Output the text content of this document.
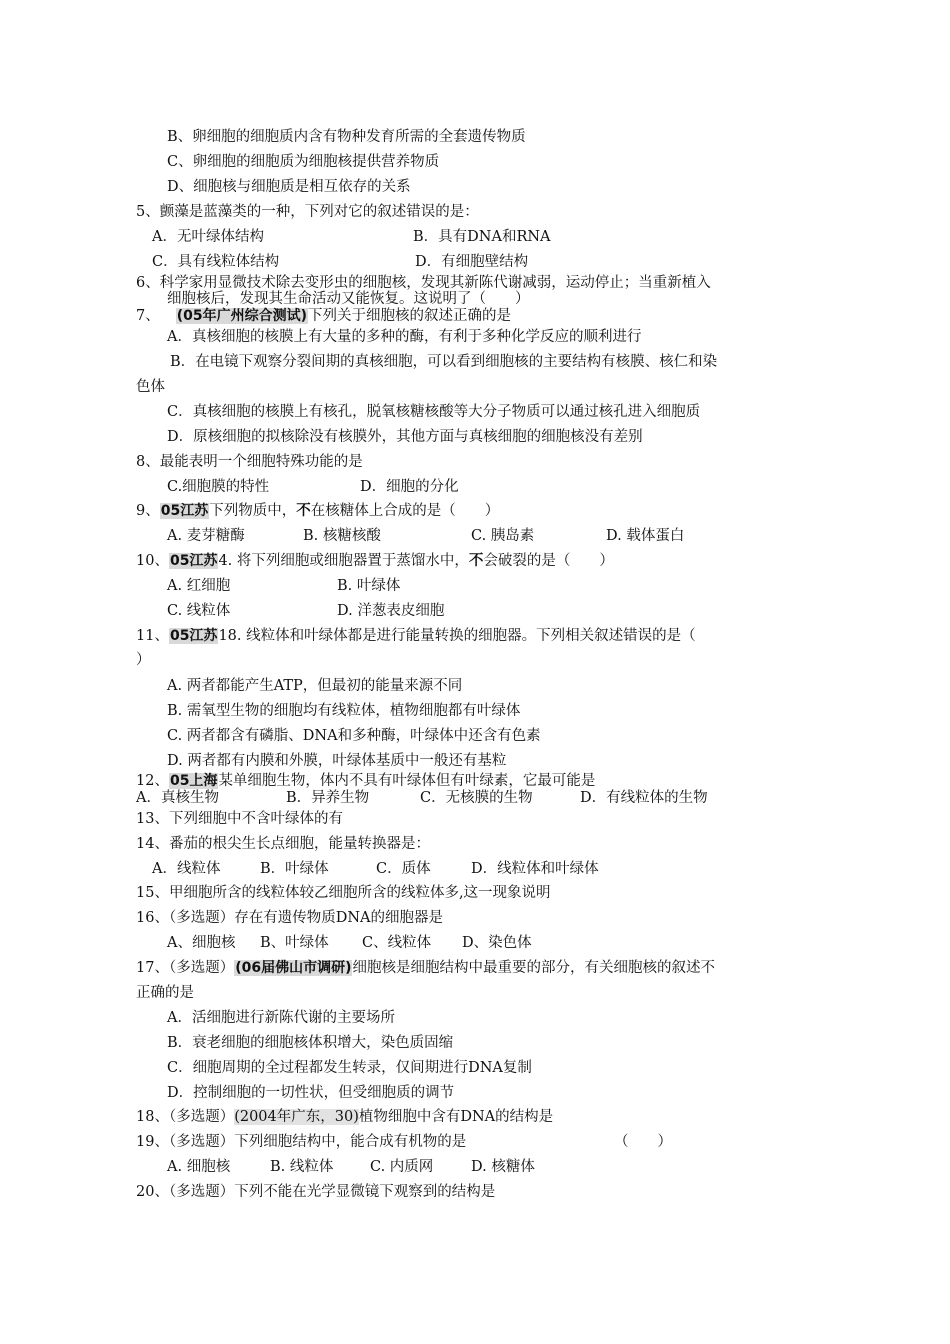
B、卵细胞的细胞质内含有物种发育所需的全套遗传物质
C、卵细胞的细胞质为细胞核提供营养物质
D、细胞核与细胞质是相互依存的关系
5、颤藻是蓝藻类的一种，下列对它的叙述错误的是：
A．无叶绿体结构	B．具有DNA和RNA
C．具有线粒体结构	D．有细胞壁结构
6、科学家用显微技术除去变形虫的细胞核，发现其新陈代谢减弱，运动停止；当重新植入
细胞核后，发现其生命活动又能恢复。这说明了（　　）
7、 (05年广州综合测试)下列关于细胞核的叙述正确的是
A．真核细胞的核膜上有大量的多种的酶，有利于多种化学反应的顺利进行
B．在电镜下观察分裂间期的真核细胞，可以看到细胞核的主要结构有核膜、核仁和染
色体
C．真核细胞的核膜上有核孔，脱氧核糖核酸等大分子物质可以通过核孔进入细胞质
D．原核细胞的拟核除没有核膜外，其他方面与真核细胞的细胞核没有差别
8、最能表明一个细胞特殊功能的是
C.细胞膜的特性	D．细胞的分化
9、05江苏下列物质中，不在核糖体上合成的是（　　）
A. 麦芽糖酶	B. 核糖核酸	C. 胰岛素	D. 载体蛋白
10、05江苏4. 将下列细胞或细胞器置于蒸馏水中，不会破裂的是（　　）
A. 红细胞	B. 叶绿体
C. 线粒体	D. 洋葱表皮细胞
11、05江苏18. 线粒体和叶绿体都是进行能量转换的细胞器。下列相关叙述错误的是（
）
A. 两者都能产生ATP，但最初的能量来源不同
B. 需氧型生物的细胞均有线粒体，植物细胞都有叶绿体
C. 两者都含有磷脂、DNA和多种酶，叶绿体中还含有色素
D. 两者都有内膜和外膜，叶绿体基质中一般还有基粒
12、05上海某单细胞生物，体内不具有叶绿体但有叶绿素，它最可能是
A．真核生物	B．异养生物	C．无核膜的生物	D．有线粒体的生物
13、下列细胞中不含叶绿体的有
14、番茄的根尖生长点细胞，能量转换器是：
A．线粒体	B．叶绿体	C．质体	D．线粒体和叶绿体
15、甲细胞所含的线粒体较乙细胞所含的线粒体多,这一现象说明
16、（多选题）存在有遗传物质DNA的细胞器是
A、细胞核 B、叶绿体 C、线粒体 D、染色体
17、（多选题）(06届佛山市调研)细胞核是细胞结构中最重要的部分，有关细胞核的叙述不
正确的是
A．活细胞进行新陈代谢的主要场所
B．衰老细胞的细胞核体积增大，染色质固缩
C．细胞周期的全过程都发生转录，仅间期进行DNA复制
D．控制细胞的一切性状，但受细胞质的调节
18、（多选题）(2004年广东，30)植物细胞中含有DNA的结构是
19、（多选题）下列细胞结构中，能合成有机物的是	（　　）
A. 细胞核	B. 线粒体	C. 内质网	D. 核糖体
20、（多选题）下列不能在光学显微镜下观察到的结构是
